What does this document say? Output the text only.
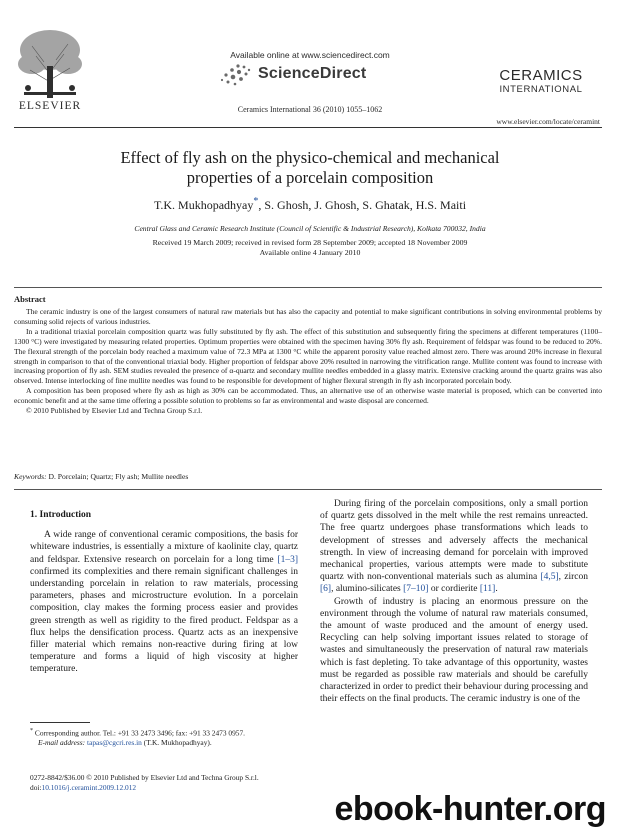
ELSEVIER
Available online at www.sciencedirect.com
ScienceDirect
Ceramics International 36 (2010) 1055–1062
CERAMICS
INTERNATIONAL
www.elsevier.com/locate/ceramint
Effect of fly ash on the physico-chemical and mechanical
properties of a porcelain composition
T.K. Mukhopadhyay*, S. Ghosh, J. Ghosh, S. Ghatak, H.S. Maiti
Central Glass and Ceramic Research Institute (Council of Scientific & Industrial Research), Kolkata 700032, India
Received 19 March 2009; received in revised form 28 September 2009; accepted 18 November 2009
Available online 4 January 2010
Abstract

The ceramic industry is one of the largest consumers of natural raw materials but has also the capacity and potential to make significant contributions in solving environmental problems by consuming solid rejects of various industries.

In a traditional triaxial porcelain composition quartz was fully substituted by fly ash. The effect of this substitution and subsequently firing the specimens at different temperatures (1100–1300 °C) were investigated by measuring related properties. Optimum properties were obtained with the specimen having 30% fly ash. Requirement of feldspar was found to be reduced to 20%. The flexural strength of the porcelain body reached a maximum value of 72.3 MPa at 1300 °C while the apparent porosity value reached almost zero. There was around 20% increase in flexural strength in comparison to that of the conventional triaxial body. Higher proportion of feldspar above 20% resulted in narrowing the vitrification range. Mullite content was found to increase with increasing proportion of fly ash. SEM studies revealed the presence of α-quartz and secondary mullite needles embedded in a glassy matrix. Extensive cracking around the quartz grains was also observed. Intense interlocking of fine mullite needles was found to be responsible for development of higher flexural strength in fly ash incorporated porcelain body.

A composition has been proposed where fly ash as high as 30% can be accommodated. Thus, an alternative use of an otherwise waste material is proposed, which can be converted into economic benefit and at the same time offering a possible solution to problems so far as environmental and waste disposal are concerned.

© 2010 Published by Elsevier Ltd and Techna Group S.r.l.

Keywords: D. Porcelain; Quartz; Fly ash; Mullite needles
1. Introduction

A wide range of conventional ceramic compositions, the basis for whiteware industries, is essentially a mixture of kaolinite clay, quartz and feldspar. Extensive research on porcelain for a long time [1–3] confirmed its complexities and there remain significant challenges in understanding porcelain in relation to raw materials, processing parameters, phases and microstructure evolution. In a porcelain composition, clay makes the forming process easier and provides green strength as well as rigidity to the fired product. Feldspar as a flux helps the densification process. Quartz acts as an inexpensive filler material which remains non-reactive during firing at low temperature and forms a liquid of high viscosity at higher temperature.

During firing of the porcelain compositions, only a small portion of quartz gets dissolved in the melt while the rest remains unreacted. The free quartz undergoes phase transformations which leads to development of stresses and adversely affects the mechanical strength. In view of increasing demand for porcelain with improved mechanical properties, various attempts were made to substitute quartz with non-conventional materials such as alumina [4,5], zircon [6], alumino-silicates [7–10] or cordierite [11].

Growth of industry is placing an enormous pressure on the environment through the volume of natural raw materials consumed, the amount of waste produced and the amount of energy used. Recycling can help solving important issues related to storage of wastes and simultaneously the preservation of natural raw materials which is fast depleting. To take advantage of this opportunity, wastes must be regarded as possible raw materials and should be carefully characterized in order to predict their behaviour during processing and their effects on the final products. The ceramic industry is one of the

* Corresponding author. Tel.: +91 33 2473 3496; fax: +91 33 2473 0957.
E-mail address: tapas@cgcri.res.in (T.K. Mukhopadhyay).
0272-8842/$36.00 © 2010 Published by Elsevier Ltd and Techna Group S.r.l.
doi:10.1016/j.ceramint.2009.12.012
ebook-hunter.org
